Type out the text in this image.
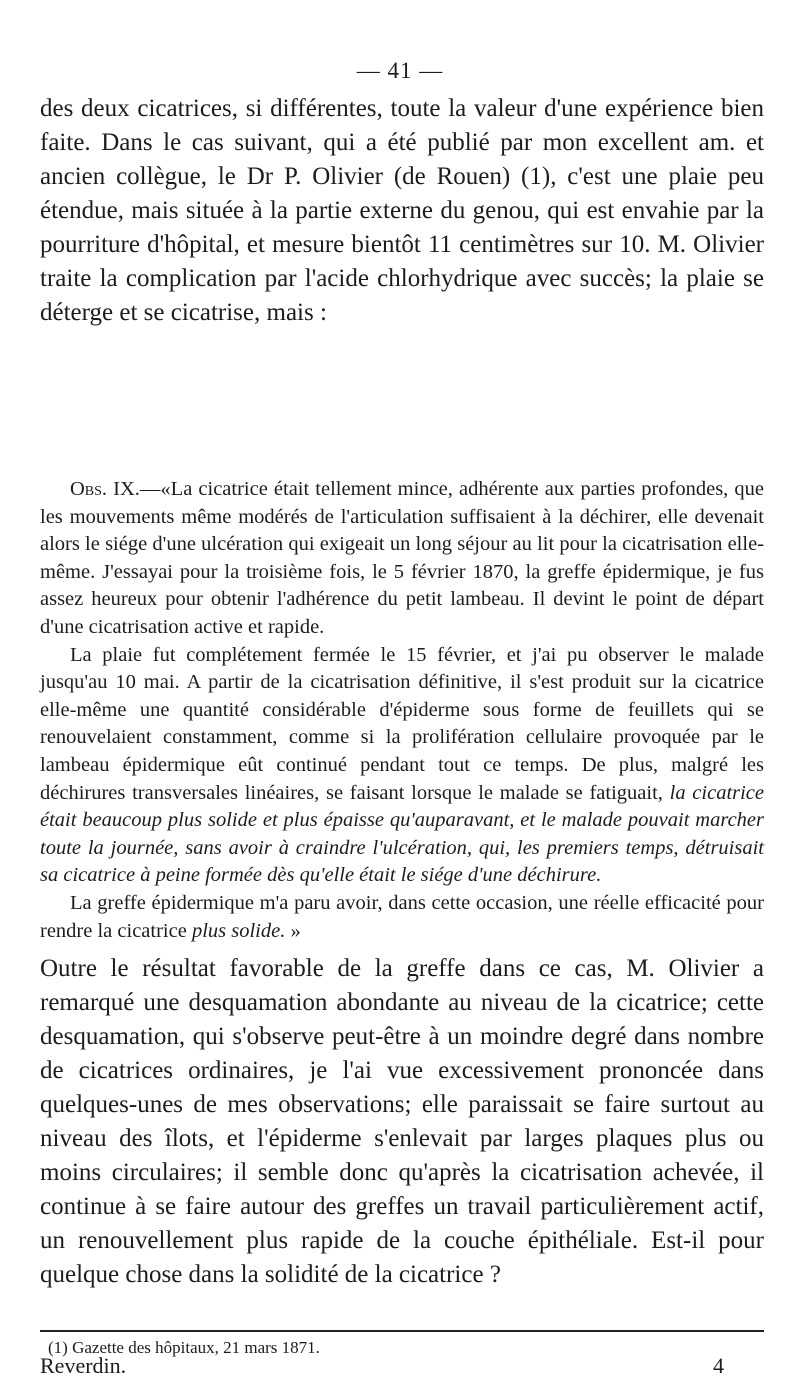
— 41 —

des deux cicatrices, si différentes, toute la valeur d'une expérience bien faite. Dans le cas suivant, qui a été publié par mon excellent am. et ancien collègue, le Dr P. Olivier (de Rouen) (1), c'est une plaie peu étendue, mais située à la partie externe du genou, qui est envahie par la pourriture d'hôpital, et mesure bientôt 11 centimètres sur 10. M. Olivier traite la complication par l'acide chlorhydrique avec succès; la plaie se déterge et se cicatrise, mais :

Obs. IX.—«La cicatrice était tellement mince, adhérente aux parties profondes, que les mouvements même modérés de l'articulation suffisaient à la déchirer, elle devenait alors le siége d'une ulcération qui exigeait un long séjour au lit pour la cicatrisation elle-même. J'essayai pour la troisième fois, le 5 février 1870, la greffe épidermique, je fus assez heureux pour obtenir l'adhérence du petit lambeau. Il devint le point de départ d'une cicatrisation active et rapide.

La plaie fut complétement fermée le 15 février, et j'ai pu observer le malade jusqu'au 10 mai. A partir de la cicatrisation définitive, il s'est produit sur la cicatrice elle-même une quantité considérable d'épiderme sous forme de feuillets qui se renouvelaient constamment, comme si la prolifération cellulaire provoquée par le lambeau épidermique eût continué pendant tout ce temps. De plus, malgré les déchirures transversales linéaires, se faisant lorsque le malade se fatiguait, la cicatrice était beaucoup plus solide et plus épaisse qu'auparavant, et le malade pouvait marcher toute la journée, sans avoir à craindre l'ulcération, qui, les premiers temps, détruisait sa cicatrice à peine formée dès qu'elle était le siége d'une déchirure.

La greffe épidermique m'a paru avoir, dans cette occasion, une réelle efficacité pour rendre la cicatrice plus solide. »

Outre le résultat favorable de la greffe dans ce cas, M. Olivier a remarqué une desquamation abondante au niveau de la cicatrice; cette desquamation, qui s'observe peut-être à un moindre degré dans nombre de cicatrices ordinaires, je l'ai vue excessivement prononcée dans quelques-unes de mes observations; elle paraissait se faire surtout au niveau des îlots, et l'épiderme s'enlevait par larges plaques plus ou moins circulaires; il semble donc qu'après la cicatrisation achevée, il continue à se faire autour des greffes un travail particulièrement actif, un renouvellement plus rapide de la couche épithéliale. Est-il pour quelque chose dans la solidité de la cicatrice ?

(1) Gazette des hôpitaux, 21 mars 1871.
Reverdin.	4
